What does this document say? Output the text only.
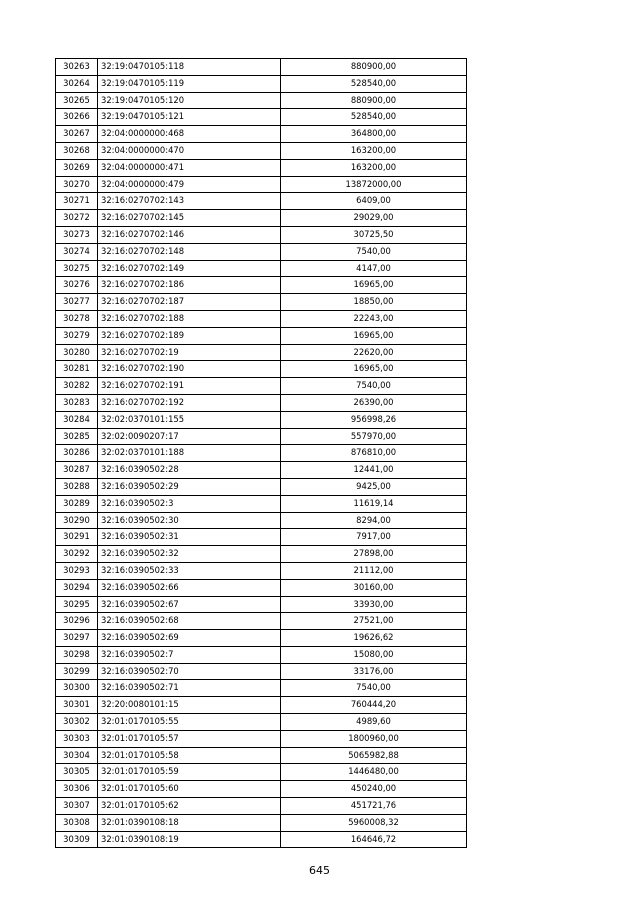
30263	32:19:0470105:118	880900,00
30264	32:19:0470105:119	528540,00
30265	32:19:0470105:120	880900,00
30266	32:19:0470105:121	528540,00
30267	32:04:0000000:468	364800,00
30268	32:04:0000000:470	163200,00
30269	32:04:0000000:471	163200,00
30270	32:04:0000000:479	13872000,00
30271	32:16:0270702:143	6409,00
30272	32:16:0270702:145	29029,00
30273	32:16:0270702:146	30725,50
30274	32:16:0270702:148	7540,00
30275	32:16:0270702:149	4147,00
30276	32:16:0270702:186	16965,00
30277	32:16:0270702:187	18850,00
30278	32:16:0270702:188	22243,00
30279	32:16:0270702:189	16965,00
30280	32:16:0270702:19	22620,00
30281	32:16:0270702:190	16965,00
30282	32:16:0270702:191	7540,00
30283	32:16:0270702:192	26390,00
30284	32:02:0370101:155	956998,26
30285	32:02:0090207:17	557970,00
30286	32:02:0370101:188	876810,00
30287	32:16:0390502:28	12441,00
30288	32:16:0390502:29	9425,00
30289	32:16:0390502:3	11619,14
30290	32:16:0390502:30	8294,00
30291	32:16:0390502:31	7917,00
30292	32:16:0390502:32	27898,00
30293	32:16:0390502:33	21112,00
30294	32:16:0390502:66	30160,00
30295	32:16:0390502:67	33930,00
30296	32:16:0390502:68	27521,00
30297	32:16:0390502:69	19626,62
30298	32:16:0390502:7	15080,00
30299	32:16:0390502:70	33176,00
30300	32:16:0390502:71	7540,00
30301	32:20:0080101:15	760444,20
30302	32:01:0170105:55	4989,60
30303	32:01:0170105:57	1800960,00
30304	32:01:0170105:58	5065982,88
30305	32:01:0170105:59	1446480,00
30306	32:01:0170105:60	450240,00
30307	32:01:0170105:62	451721,76
30308	32:01:0390108:18	5960008,32
30309	32:01:0390108:19	164646,72
645
